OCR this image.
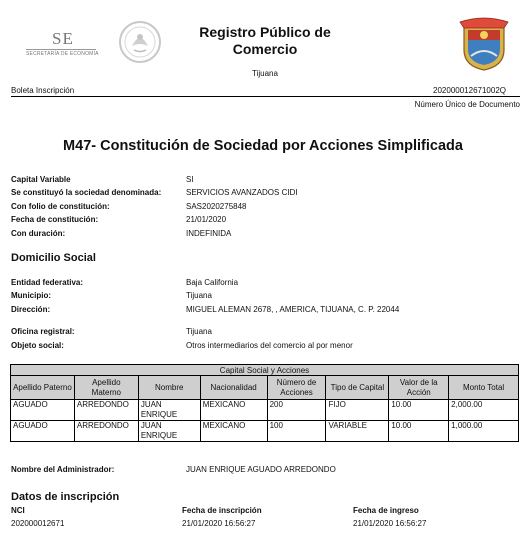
SE
SECRETARÍA DE ECONOMÍA
Registro Público de Comercio
Tijuana
Boleta Inscripción	202000012671002Q
Número Único de Documento
M47- Constitución de Sociedad por Acciones Simplificada
Capital Variable	SI
Se constituyó la sociedad denominada:	SERVICIOS AVANZADOS CIDI
Con folio de constitución:	SAS2020275848
Fecha de constitución:	21/01/2020
Con duración:	INDEFINIDA
Domicilio Social
Entidad federativa:	Baja California
Municipio:	Tijuana
Dirección:	MIGUEL ALEMAN 2678, , AMERICA, TIJUANA, C. P. 22044
Oficina registral:	Tijuana
Objeto social:	Otros intermediarios del comercio al por menor
Capital Social y Acciones							
Apellido Paterno	Apellido Materno	Nombre	Nacionalidad	Número de Acciones	Tipo de Capital	Valor de la Acción	Monto Total
AGUADO	ARREDONDO	JUAN ENRIQUE	MEXICANO	200	FIJO	10.00	2,000.00
AGUADO	ARREDONDO	JUAN ENRIQUE	MEXICANO	100	VARIABLE	10.00	1,000.00
Nombre del Administrador:	JUAN ENRIQUE AGUADO ARREDONDO
Datos de inscripción
NCI
202000012671
Fecha de inscripción
21/01/2020 16:56:27
Fecha de ingreso
21/01/2020 16:56:27
